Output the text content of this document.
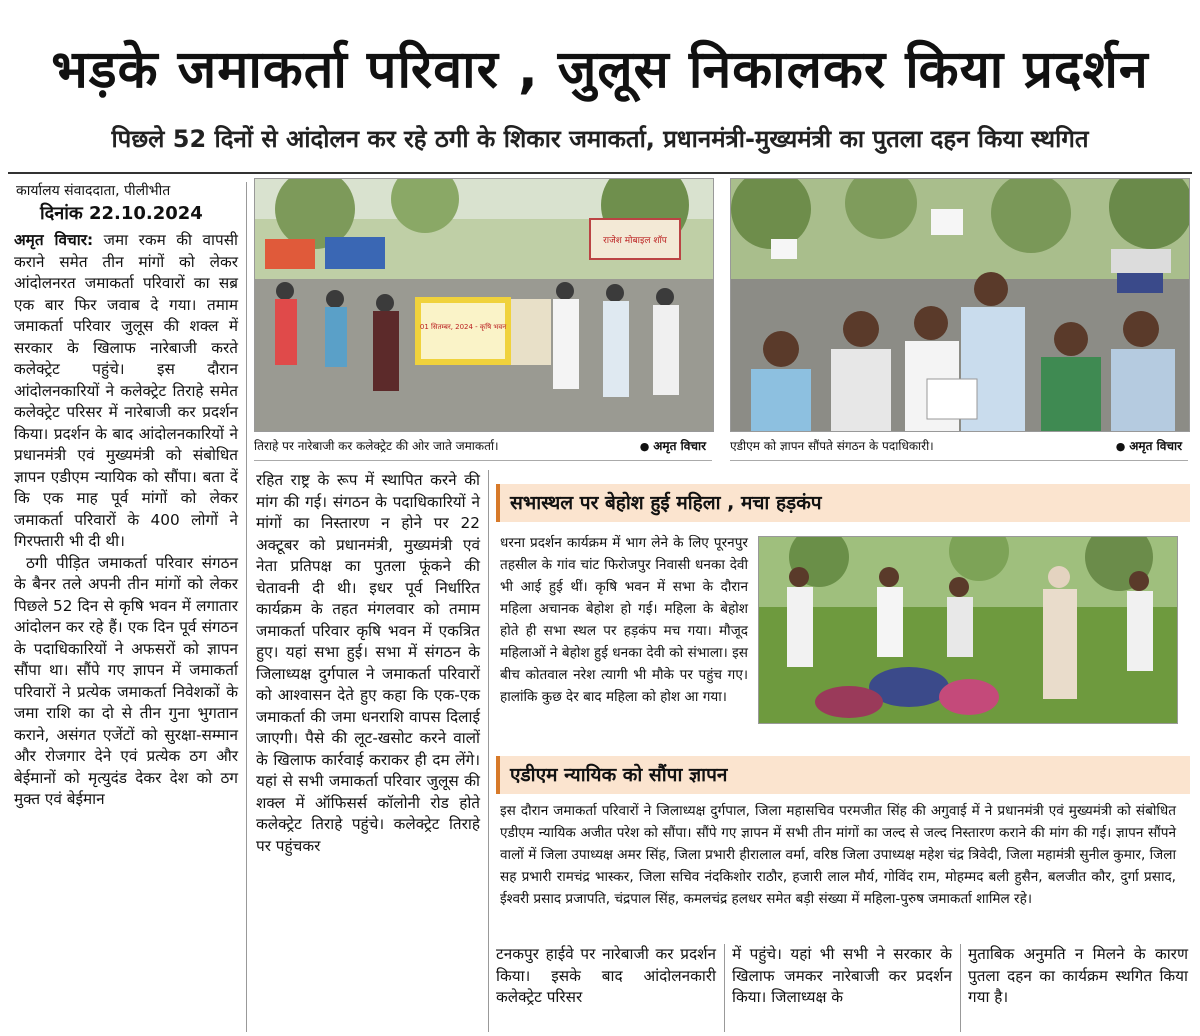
भड़के जमाकर्ता परिवार , जुलूस निकालकर किया प्रदर्शन
पिछले 52 दिनों से आंदोलन कर रहे ठगी के शिकार जमाकर्ता, प्रधानमंत्री-मुख्यमंत्री का पुतला दहन किया स्थगित
कार्यालय संवाददाता, पीलीभीत
दिनांक 22.10.2024

अमृत विचार: जमा रकम की वापसी कराने समेत तीन मांगों को लेकर आंदोलनरत जमाकर्ता परिवारों का सब्र एक बार फिर जवाब दे गया। तमाम जमाकर्ता परिवार जुलूस की शक्ल में सरकार के खिलाफ नारेबाजी करते कलेक्ट्रेट पहुंचे। इस दौरान आंदोलनकारियों ने कलेक्ट्रेट तिराहे समेत कलेक्ट्रेट परिसर में नारेबाजी कर प्रदर्शन किया। प्रदर्शन के बाद आंदोलनकारियों ने प्रधानमंत्री एवं मुख्यमंत्री को संबोधित ज्ञापन एडीएम न्यायिक को सौंपा। बता दें कि एक माह पूर्व मांगों को लेकर जमाकर्ता परिवारों के 400 लोगों ने गिरफ्तारी भी दी थी।

ठगी पीड़ित जमाकर्ता परिवार संगठन के बैनर तले अपनी तीन मांगों को लेकर पिछले 52 दिन से कृषि भवन में लगातार आंदोलन कर रहे हैं। एक दिन पूर्व संगठन के पदाधिकारियों ने अफसरों को ज्ञापन सौंपा था। सौंपे गए ज्ञापन में जमाकर्ता परिवारों ने प्रत्येक जमाकर्ता निवेशकों के जमा राशि का दो से तीन गुना भुगतान कराने, असंगत एजेंटों को सुरक्षा-सम्मान और रोजगार देने एवं प्रत्येक ठग और बेईमानों को मृत्युदंड देकर देश को ठग मुक्त एवं बेईमान

राजेश मोबाइल शॉप
01 सितम्बर, 2024 - कृषि भवन
तिराहे पर नारेबाजी कर कलेक्ट्रेट की ओर जाते जमाकर्ता।	● अमृत विचार एडीएम को ज्ञापन सौंपते संगठन के पदाधिकारी।	● अमृत विचार

रहित राष्ट्र के रूप में स्थापित करने की मांग की गई। संगठन के पदाधिकारियों ने मांगों का निस्तारण न होने पर 22 अक्टूबर को प्रधानमंत्री, मुख्यमंत्री एवं नेता प्रतिपक्ष का पुतला फूंकने की चेतावनी दी थी। इधर पूर्व निर्धारित कार्यक्रम के तहत मंगलवार को तमाम जमाकर्ता परिवार कृषि भवन में एकत्रित हुए। यहां सभा हुई। सभा में संगठन के जिलाध्यक्ष दुर्गपाल ने जमाकर्ता परिवारों को आश्वासन देते हुए कहा कि एक-एक जमाकर्ता की जमा धनराशि वापस दिलाई जाएगी। पैसे की लूट-खसोट करने वालों के खिलाफ कार्रवाई कराकर ही दम लेंगे। यहां से सभी जमाकर्ता परिवार जुलूस की शक्ल में ऑफिसर्स कॉलोनी रोड होते कलेक्ट्रेट तिराहे पहुंचे। कलेक्ट्रेट तिराहे पर पहुंचकर

सभास्थल पर बेहोश हुई महिला , मचा हड़कंप
धरना प्रदर्शन कार्यक्रम में भाग लेने के लिए पूरनपुर तहसील के गांव चांट फिरोजपुर निवासी धनका देवी भी आई हुई थीं। कृषि भवन में सभा के दौरान महिला अचानक बेहोश हो गई। महिला के बेहोश होते ही सभा स्थल पर हड़कंप मच गया। मौजूद महिलाओं ने बेहोश हुई धनका देवी को संभाला। इस बीच कोतवाल नरेश त्यागी भी मौके पर पहुंच गए। हालांकि कुछ देर बाद महिला को होश आ गया।
एडीएम न्यायिक को सौंपा ज्ञापन
इस दौरान जमाकर्ता परिवारों ने जिलाध्यक्ष दुर्गपाल, जिला महासचिव परमजीत सिंह की अगुवाई में ने प्रधानमंत्री एवं मुख्यमंत्री को संबोधित एडीएम न्यायिक अजीत परेश को सौंपा। सौंपे गए ज्ञापन में सभी तीन मांगों का जल्द से जल्द निस्तारण कराने की मांग की गई। ज्ञापन सौंपने वालों में जिला उपाध्यक्ष अमर सिंह, जिला प्रभारी हीरालाल वर्मा, वरिष्ठ जिला उपाध्यक्ष महेश चंद्र त्रिवेदी, जिला महामंत्री सुनील कुमार, जिला सह प्रभारी रामचंद्र भास्कर, जिला सचिव नंदकिशोर राठौर, हजारी लाल मौर्य, गोविंद राम, मोहम्मद बली हुसैन, बलजीत कौर, दुर्गा प्रसाद, ईश्वरी प्रसाद प्रजापति, चंद्रपाल सिंह, कमलचंद्र हलधर समेत बड़ी संख्या में महिला-पुरुष जमाकर्ता शामिल रहे।

टनकपुर हाईवे पर नारेबाजी कर प्रदर्शन किया। इसके बाद आंदोलनकारी कलेक्ट्रेट परिसर

में पहुंचे। यहां भी सभी ने सरकार के खिलाफ जमकर नारेबाजी कर प्रदर्शन किया। जिलाध्यक्ष के

मुताबिक अनुमति न मिलने के कारण पुतला दहन का कार्यक्रम स्थगित किया गया है।
